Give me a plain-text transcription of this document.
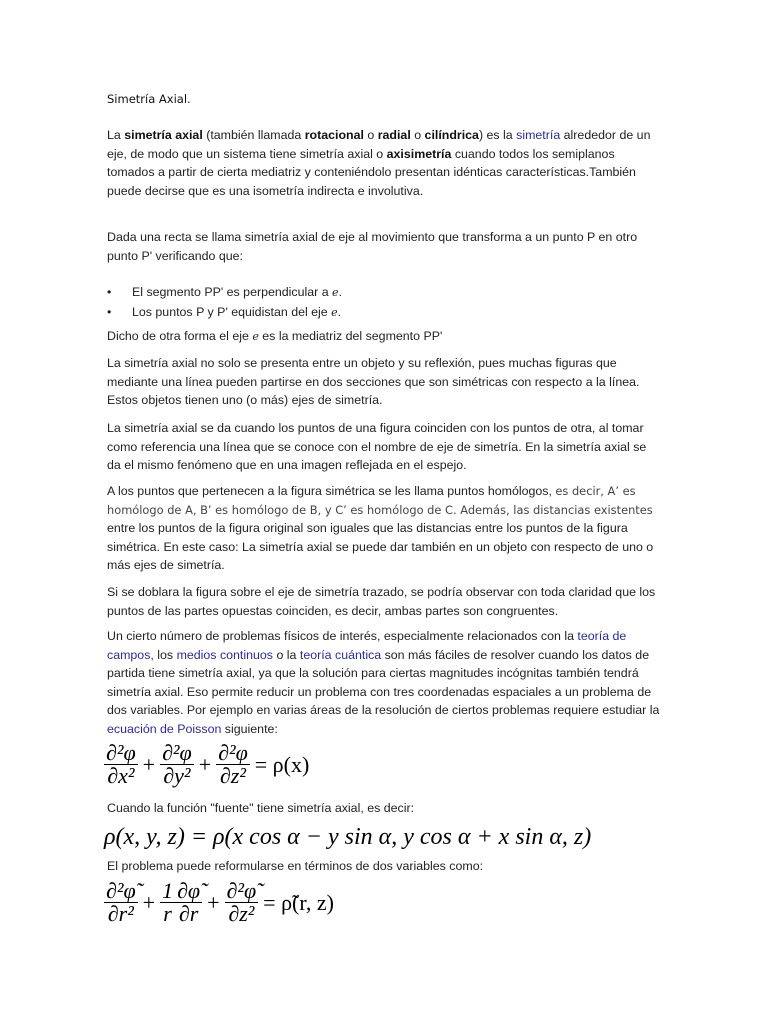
Simetría Axial.

La simetría axial (también llamada rotacional o radial o cilíndrica) es la simetría alrededor de un eje, de modo que un sistema tiene simetría axial o axisimetría cuando todos los semiplanos tomados a partir de cierta mediatriz y conteniéndolo presentan idénticas características.También puede decirse que es una isometría indirecta e involutiva.

Dada una recta se llama simetría axial de eje al movimiento que transforma a un punto P en otro punto P' verificando que:

• El segmento PP' es perpendicular a e.
• Los puntos P y P' equidistan del eje e.

Dicho de otra forma el eje e es la mediatriz del segmento PP'

La simetría axial no solo se presenta entre un objeto y su reflexión, pues muchas figuras que mediante una línea pueden partirse en dos secciones que son simétricas con respecto a la línea. Estos objetos tienen uno (o más) ejes de simetría.

La simetría axial se da cuando los puntos de una figura coinciden con los puntos de otra, al tomar como referencia una línea que se conoce con el nombre de eje de simetría. En la simetría axial se da el mismo fenómeno que en una imagen reflejada en el espejo.

A los puntos que pertenecen a la figura simétrica se les llama puntos homólogos, es decir, A’ es homólogo de A, B’ es homólogo de B, y C’ es homólogo de C. Además, las distancias existentes entre los puntos de la figura original son iguales que las distancias entre los puntos de la figura simétrica. En este caso: La simetría axial se puede dar también en un objeto con respecto de uno o más ejes de simetría.

Si se doblara la figura sobre el eje de simetría trazado, se podría observar con toda claridad que los puntos de las partes opuestas coinciden, es decir, ambas partes son congruentes.

Un cierto número de problemas físicos de interés, especialmente relacionados con la teoría de campos, los medios continuos o la teoría cuántica son más fáciles de resolver cuando los datos de partida tiene simetría axial, ya que la solución para ciertas magnitudes incógnitas también tendrá simetría axial. Eso permite reducir un problema con tres coordenadas espaciales a un problema de dos variables. Por ejemplo en varias áreas de la resolución de ciertos problemas requiere estudiar la ecuación de Poisson siguiente:

$\frac{\text{∂²φ}}{\text{∂x²}} + \frac{\text{∂²φ}}{\text{∂y²}} + \frac{\text{∂²φ}}{\text{∂z²}} = \rho(x)$

Cuando la función "fuente" tiene simetría axial, es decir:

ρ(x, y, z) = ρ(x cos α − y sin α, y cos α + x sin α, z)

El problema puede reformularse en términos de dos variables como:

$\frac{\text{∂²φ̃}}{\text{∂r²}} + \frac{1}{r} \frac{\partial\varphĩ}{\partial r} + \frac{\text{∂²φ̃}}{\text{∂z²}}$ = ρ̃(r, z)
